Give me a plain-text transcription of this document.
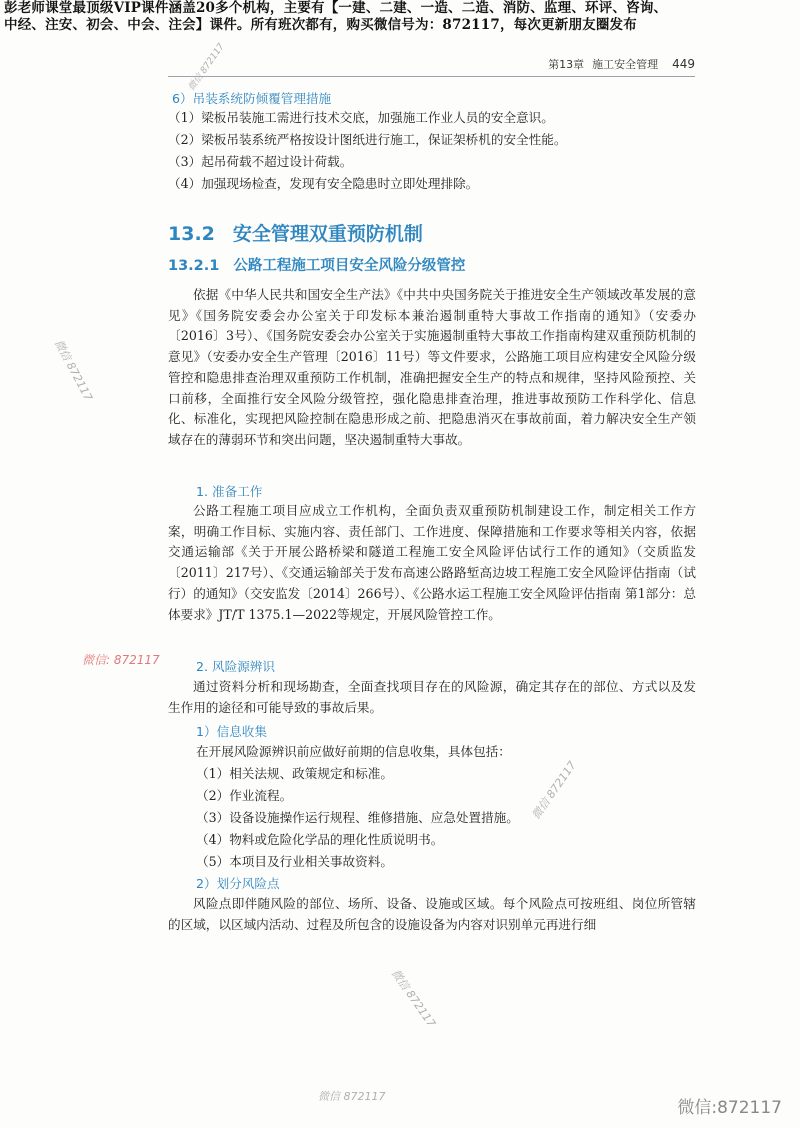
彭老师课堂最顶级VIP课件涵盖20多个机构，主要有【一建、二建、一造、二造、消防、监理、环评、咨询、
中经、注安、初会、中会、注会】课件。所有班次都有，购买微信号为：872117，每次更新朋友圈发布
第13章 施工安全管理 449
6）吊装系统防倾覆管理措施
（1）梁板吊装施工需进行技术交底，加强施工作业人员的安全意识。
（2）梁板吊装系统严格按设计图纸进行施工，保证架桥机的安全性能。
（3）起吊荷载不超过设计荷载。
（4）加强现场检查，发现有安全隐患时立即处理排除。
13.2 安全管理双重预防机制
13.2.1 公路工程施工项目安全风险分级管控
依据《中华人民共和国安全生产法》《中共中央国务院关于推进安全生产领域改革发展的意见》《国务院安委会办公室关于印发标本兼治遏制重特大事故工作指南的通知》（安委办〔2016〕3号）、《国务院安委会办公室关于实施遏制重特大事故工作指南构建双重预防机制的意见》（安委办安全生产管理〔2016〕11号）等文件要求，公路施工项目应构建安全风险分级管控和隐患排查治理双重预防工作机制，准确把握安全生产的特点和规律，坚持风险预控、关口前移，全面推行安全风险分级管控，强化隐患排查治理，推进事故预防工作科学化、信息化、标准化，实现把风险控制在隐患形成之前、把隐患消灭在事故前面，着力解决安全生产领域存在的薄弱环节和突出问题，坚决遏制重特大事故。
1. 准备工作
公路工程施工项目应成立工作机构，全面负责双重预防机制建设工作，制定相关工作方案，明确工作目标、实施内容、责任部门、工作进度、保障措施和工作要求等相关内容，依据交通运输部《关于开展公路桥梁和隧道工程施工安全风险评估试行工作的通知》（交质监发〔2011〕217号）、《交通运输部关于发布高速公路路堑高边坡工程施工安全风险评估指南（试行）的通知》（交安监发〔2014〕266号）、《公路水运工程施工安全风险评估指南 第1部分：总体要求》JT/T 1375.1—2022等规定，开展风险管控工作。
2. 风险源辨识
通过资料分析和现场勘查，全面查找项目存在的风险源，确定其存在的部位、方式以及发生作用的途径和可能导致的事故后果。
1）信息收集
在开展风险源辨识前应做好前期的信息收集，具体包括：
（1）相关法规、政策规定和标准。
（2）作业流程。
（3）设备设施操作运行规程、维修措施、应急处置措施。
（4）物料或危险化学品的理化性质说明书。
（5）本项目及行业相关事故资料。
2）划分风险点
风险点即伴随风险的部位、场所、设备、设施或区域。每个风险点可按班组、岗位所管辖的区域，以区域内活动、过程及所包含的设施设备为内容对识别单元再进行细
微信 872117
微信 872117
微信: 872117
微信 872117
微信 872117
微信 872117
微信:872117
